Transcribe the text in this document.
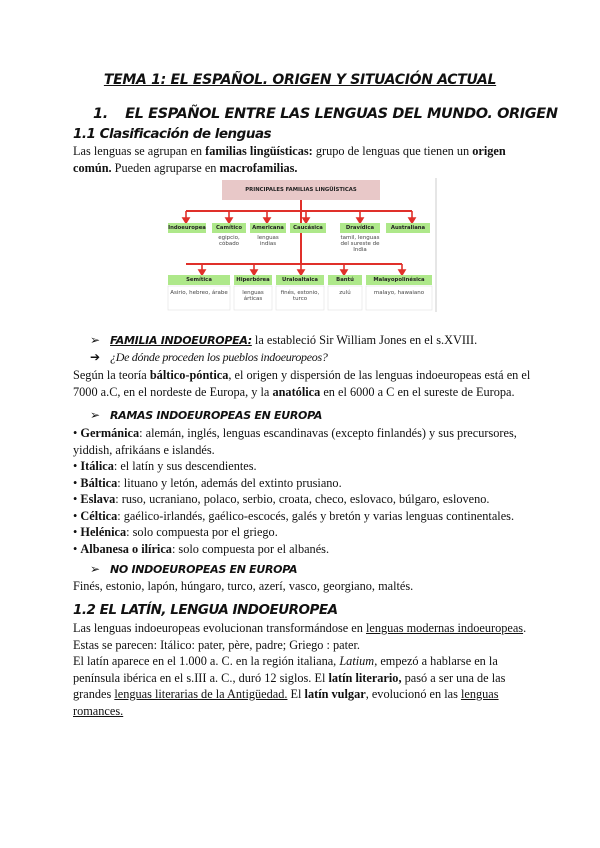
TEMA 1: EL ESPAÑOL. ORIGEN Y SITUACIÓN ACTUAL
1. EL ESPAÑOL ENTRE LAS LENGUAS DEL MUNDO. ORIGEN
1.1 Clasificación de lenguas
Las lenguas se agrupan en familias lingüísticas: grupo de lenguas que tienen un origen
común. Pueden agruparse en macrofamilias.
PRINCIPALES FAMILIAS LINGÜÍSTICAS
Indoeuropea	Camítico	Americana	Caucásica	Dravídica	Australiana
egipcio, cóbado
lenguas indias
tamil, lenguas del sureste de India
Semítica	Hiperbórea	Uraloaltaica	Bantú	Malayopolinésica
Asirio, hebreo, árabe	lenguas árticas
finés, estonio, turco
zulú	malayo, hawaiano
➢ FAMILIA INDOEUROPEA: la estableció Sir William Jones en el s.XVIII.
➔ ¿De dónde proceden los pueblos indoeuropeos?
Según la teoría báltico-póntica, el origen y dispersión de las lenguas indoeuropeas está en el
7000 a.C, en el nordeste de Europa, y la anatólica en el 6000 a C en el sureste de Europa.
➢ RAMAS INDOEUROPEAS EN EUROPA
• Germánica: alemán, inglés, lenguas escandinavas (excepto finlandés) y sus precursores,
yiddish, afrikáans e islandés.
• Itálica: el latín y sus descendientes.
• Báltica: lituano y letón, además del extinto prusiano.
• Eslava: ruso, ucraniano, polaco, serbio, croata, checo, eslovaco, búlgaro, esloveno.
• Céltica: gaélico-irlandés, gaélico-escocés, galés y bretón y varias lenguas continentales.
• Helénica: solo compuesta por el griego.
• Albanesa o ilírica: solo compuesta por el albanés.
➢ NO INDOEUROPEAS EN EUROPA
Finés, estonio, lapón, húngaro, turco, azerí, vasco, georgiano, maltés.
1.2 EL LATÍN, LENGUA INDOEUROPEA
Las lenguas indoeuropeas evolucionan transformándose en lenguas modernas indoeuropeas.
Estas se parecen: Itálico: pater, père, padre; Griego : pater.
El latín aparece en el 1.000 a. C. en la región italiana, Latium, empezó a hablarse en la
península ibérica en el s.III a. C., duró 12 siglos. El latín literario, pasó a ser una de las
grandes lenguas literarias de la Antigüedad. El latín vulgar, evolucionó en las lenguas
romances.
